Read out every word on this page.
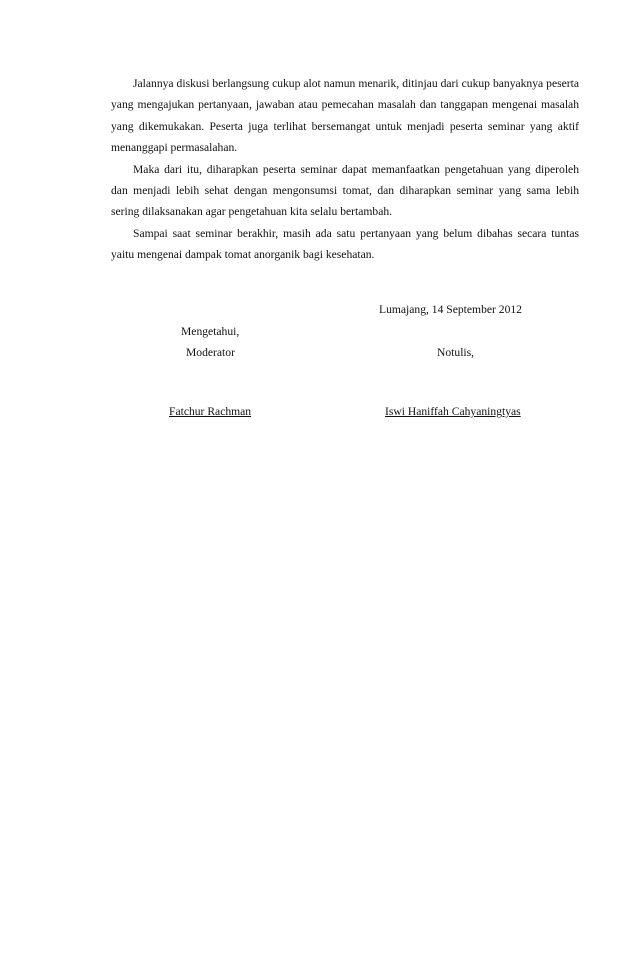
Jalannya diskusi berlangsung cukup alot namun menarik, ditinjau dari cukup banyaknya peserta yang mengajukan pertanyaan, jawaban atau pemecahan masalah dan tanggapan mengenai masalah yang dikemukakan. Peserta juga terlihat bersemangat untuk menjadi peserta seminar yang aktif menanggapi permasalahan.

Maka dari itu, diharapkan peserta seminar dapat memanfaatkan pengetahuan yang diperoleh dan menjadi lebih sehat dengan mengonsumsi tomat, dan diharapkan seminar yang sama lebih sering dilaksanakan agar pengetahuan kita selalu bertambah.

Sampai saat seminar berakhir, masih ada satu pertanyaan yang belum dibahas secara tuntas yaitu mengenai dampak tomat anorganik bagi kesehatan.

Lumajang, 14 September 2012
Mengetahui,
Moderator	Notulis,
Fatchur Rachman	Iswi Haniffah Cahyaningtyas
